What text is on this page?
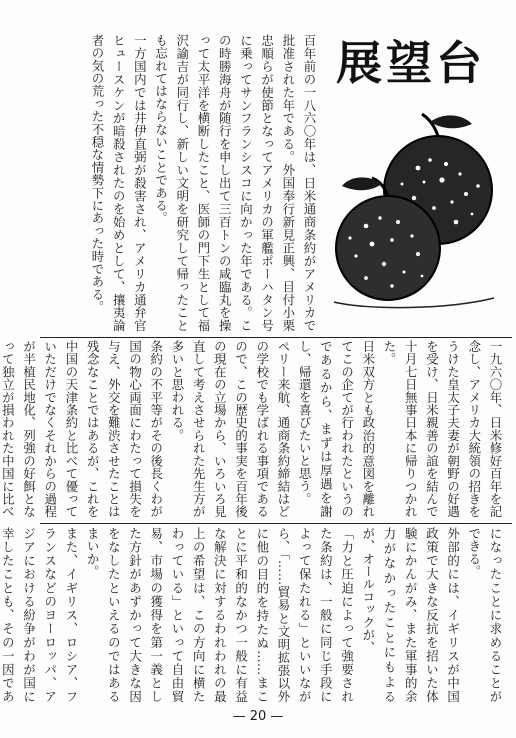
展望台
百年前の一八六〇年は、日米通商条約がアメリカで批准された年である。外国奉行新見正興、目付小栗忠順らが使節となってアメリカの軍艦ポーハタン号に乗ってサンフランシスコに向かった年である。この時勝海舟が随行を申し出て三百トンの咸臨丸を操って太平洋を横断したこと、医師の門下生として福沢諭吉が同行し、新しい文明を研究して帰ったことも忘れてはならないことである。
一方国内では井伊直弼が殺害され、アメリカ通弁官ヒュースケンが暗殺されたのを始めとして、攘夷論者の気の荒った不穏な情勢下にあった時である。
一九六〇年、日米修好百年を記念し、アメリカ大統領の招きをうけた皇太子夫妻が朝野の好遇を受け、日米親善の誼を結んで十月七日無事日本に帰りつかれた。
日米双方とも政治的意図を離れてこの企てが行われたというのであるから、まずは厚遇を謝し、帰還を喜びたいと思う。
ペリー来航、通商条約締結はどの学校でも学ばれる事項であるので、この歴史的事実を百年後の現在の立場から、いろいろ見直して考えさせられた先生方が多いと思われる。
条約の不平等がその後長くわが国の物心両面にわたって損失を与え、外交を難渋させたことは残念なことではあるが、これを中国の天津条約と比べて優っていただけでなくそれからの過程が半植民地化、列強の好餌となって独立が損われた中国に比べ

になったことに求めることができる。
外部的には、イギリスが中国政策で大きな反抗を招いた体験にかんがみ、また軍事的余力がなかったことにもよるが、オールコックが、
「力と圧迫によって強要された条約は、一般に同じ手段によって保たれる」といいながら、「……貿易と文明拡張以外に他の目的を持たぬ……まことに平和的なかつ一般に有益な解決に対するわれわれの最上の希望は、この方向に横たわっている」といって自由貿易、市場の獲得を第一義とした方針があずかって大きな因をなしたといえるのではあるまいか。
また、イギリス、ロシア、フランスなどのヨーロッパ、アジアにおける紛争がわが国に幸したことも、その一因であ

— 20 —
